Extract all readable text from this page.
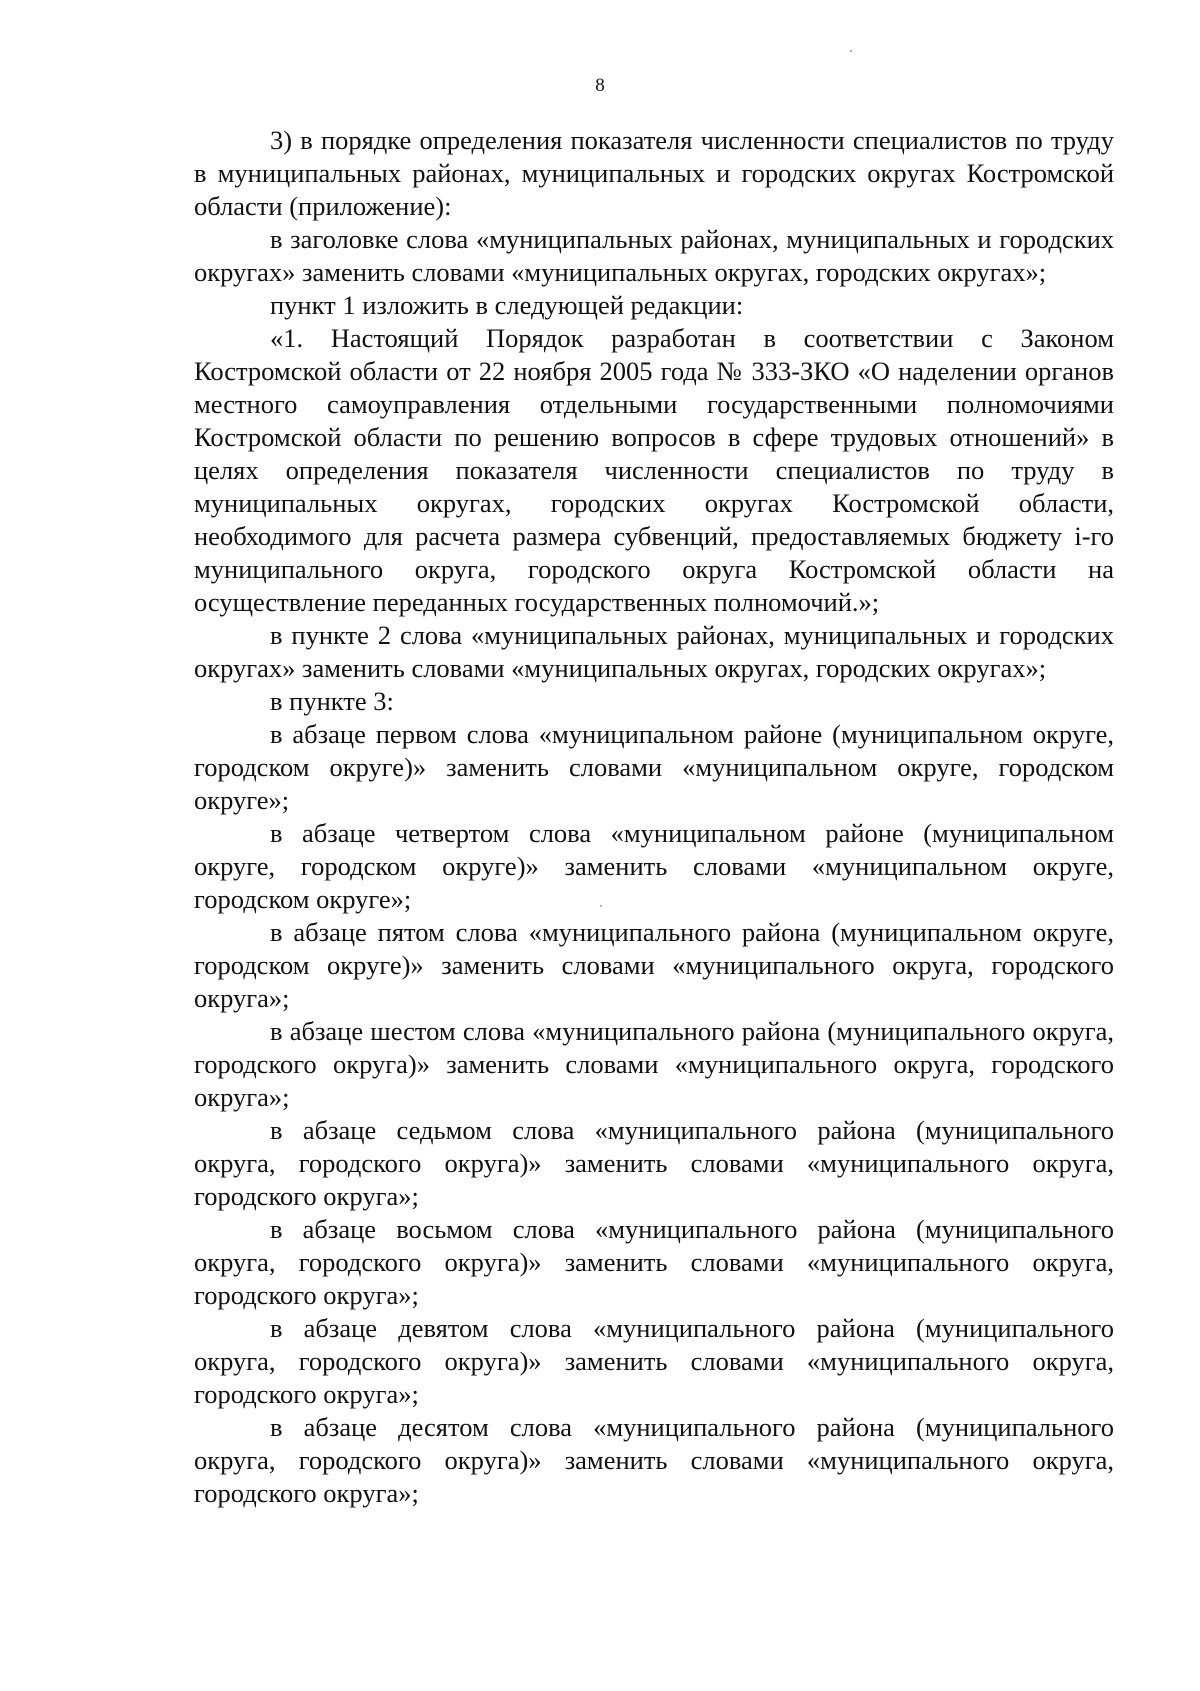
8

3) в порядке определения показателя численности специалистов по труду в муниципальных районах, муниципальных и городских округах Костромской области (приложение):

в заголовке слова «муниципальных районах, муниципальных и городских округах» заменить словами «муниципальных округах, городских округах»;

пункт 1 изложить в следующей редакции:

«1. Настоящий Порядок разработан в соответствии с Законом Костромской области от 22 ноября 2005 года № 333-ЗКО «О наделении органов местного самоуправления отдельными государственными полномочиями Костромской области по решению вопросов в сфере трудовых отношений» в целях определения показателя численности специалистов по труду в муниципальных округах, городских округах Костромской области, необходимого для расчета размера субвенций, предоставляемых бюджету i-го муниципального округа, городского округа Костромской области на осуществление переданных государственных полномочий.»;

в пункте 2 слова «муниципальных районах, муниципальных и городских округах» заменить словами «муниципальных округах, городских округах»;

в пункте 3:

в абзаце первом слова «муниципальном районе (муниципальном округе, городском округе)» заменить словами «муниципальном округе, городском округе»;

в абзаце четвертом слова «муниципальном районе (муниципальном округе, городском округе)» заменить словами «муниципальном округе, городском округе»;

в абзаце пятом слова «муниципального района (муниципальном округе, городском округе)» заменить словами «муниципального округа, городского округа»;

в абзаце шестом слова «муниципального района (муниципального округа, городского округа)» заменить словами «муниципального округа, городского округа»;

в абзаце седьмом слова «муниципального района (муниципального округа, городского округа)» заменить словами «муниципального округа, городского округа»;

в абзаце восьмом слова «муниципального района (муниципального округа, городского округа)» заменить словами «муниципального округа, городского округа»;

в абзаце девятом слова «муниципального района (муниципального округа, городского округа)» заменить словами «муниципального округа, городского округа»;

в абзаце десятом слова «муниципального района (муниципального округа, городского округа)» заменить словами «муниципального округа, городского округа»;
